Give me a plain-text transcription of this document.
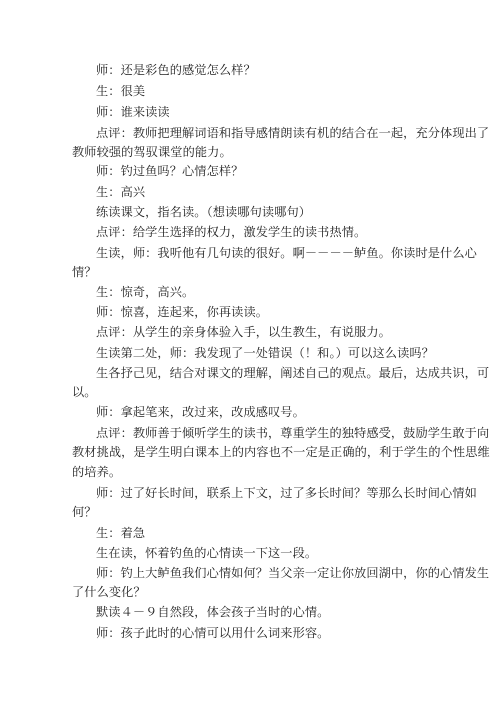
师：还是彩色的感觉怎么样？
生：很美
师：谁来读读
点评：教师把理解词语和指导感情朗读有机的结合在一起，充分体现出了
教师较强的驾驭课堂的能力。
师：钓过鱼吗？心情怎样？
生：高兴
练读课文，指名读。（想读哪句读哪句）
点评：给学生选择的权力，激发学生的读书热情。
生读，师：我听他有几句读的很好。啊－－－－鲈鱼。你读时是什么心
情？
生：惊奇，高兴。
师：惊喜，连起来，你再读读。
点评：从学生的亲身体验入手，以生教生，有说服力。
生读第二处，师：我发现了一处错误（！和。）可以这么读吗？
生各抒己见，结合对课文的理解，阐述自己的观点。最后，达成共识，可
以。
师：拿起笔来，改过来，改成感叹号。
点评：教师善于倾听学生的读书，尊重学生的独特感受，鼓励学生敢于向
教材挑战，是学生明白课本上的内容也不一定是正确的，利于学生的个性思维
的培养。
师：过了好长时间，联系上下文，过了多长时间？等那么长时间心情如
何？
生：着急
生在读，怀着钓鱼的心情读一下这一段。
师：钓上大鲈鱼我们心情如何？当父亲一定让你放回湖中，你的心情发生
了什么变化？
默读４－９自然段，体会孩子当时的心情。
师：孩子此时的心情可以用什么词来形容。
